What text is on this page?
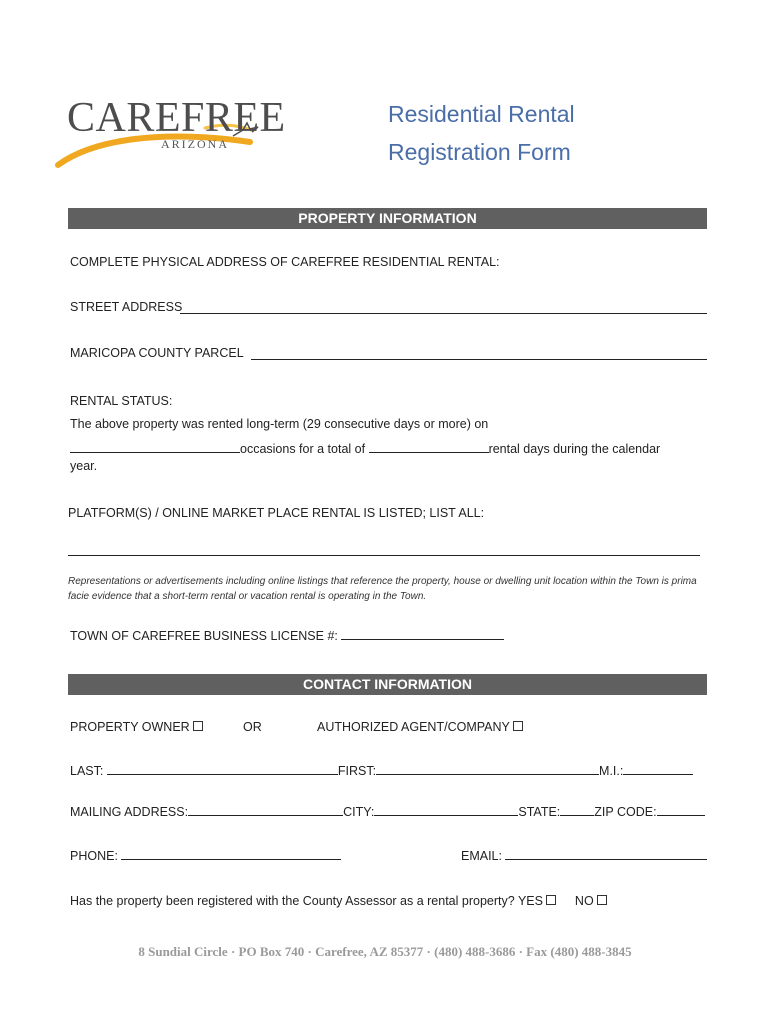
CAREFREE
ARIZONA
Residential Rental
Registration Form
PROPERTY INFORMATION
COMPLETE PHYSICAL ADDRESS OF CAREFREE RESIDENTIAL RENTAL:
STREET ADDRESS
MARICOPA COUNTY PARCEL
RENTAL STATUS:
The above property was rented long-term (29 consecutive days or more) on
occasions for a total of	rental days during the calendar
year.
PLATFORM(S) / ONLINE MARKET PLACE RENTAL IS LISTED; LIST ALL:
Representations or advertisements including online listings that reference the property, house or dwelling unit location within the Town is prima facie evidence that a short-term rental or vacation rental is operating in the Town.
TOWN OF CAREFREE BUSINESS LICENSE #:
CONTACT INFORMATION
PROPERTY OWNER	OR	AUTHORIZED AGENT/COMPANY
LAST:	FIRST:	M.I.:
MAILING ADDRESS:	CITY:	STATE:	ZIP CODE:
PHONE:	EMAIL:
Has the property been registered with the County Assessor as a rental property? YES	NO
8 Sundial Circle · PO Box 740 · Carefree, AZ 85377 · (480) 488-3686 · Fax (480) 488-3845
